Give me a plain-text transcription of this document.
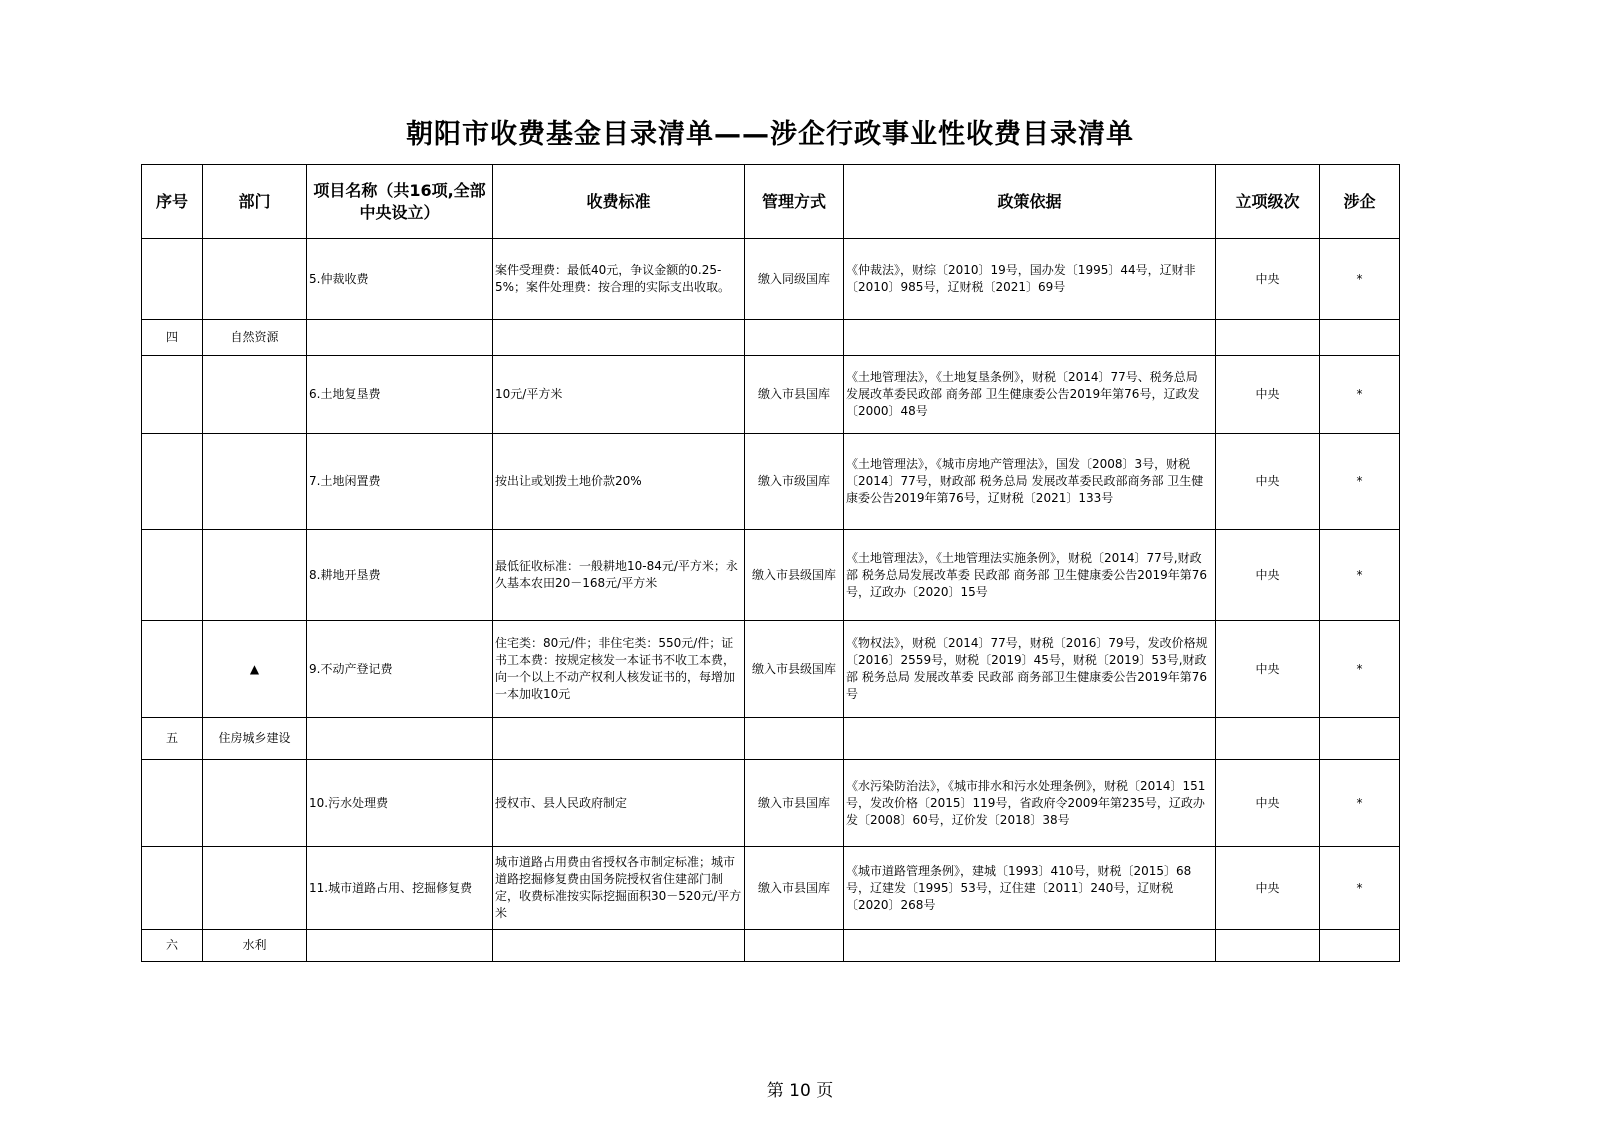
朝阳市收费基金目录清单——涉企行政事业性收费目录清单
序号	部门	项目名称（共16项,全部中央设立）	收费标准	管理方式	政策依据	立项级次	涉企
		5.仲裁收费	案件受理费：最低40元，争议金额的0.25-5%；案件处理费：按合理的实际支出收取。	缴入同级国库	《仲裁法》，财综〔2010〕19号，国办发〔1995〕44号，辽财非〔2010〕985号，辽财税〔2021〕69号	中央	*
四	自然资源						
		6.土地复垦费	10元/平方米	缴入市县国库	《土地管理法》，《土地复垦条例》，财税〔2014〕77号、税务总局 发展改革委民政部 商务部 卫生健康委公告2019年第76号，辽政发〔2000〕48号	中央	*
		7.土地闲置费	按出让或划拨土地价款20%	缴入市级国库	《土地管理法》，《城市房地产管理法》，国发〔2008〕3号，财税〔2014〕77号，财政部 税务总局 发展改革委民政部商务部 卫生健康委公告2019年第76号，辽财税〔2021〕133号	中央	*
		8.耕地开垦费	最低征收标准：一般耕地10-84元/平方米；永久基本农田20－168元/平方米	缴入市县级国库	《土地管理法》，《土地管理法实施条例》，财税〔2014〕77号,财政部 税务总局发展改革委 民政部 商务部 卫生健康委公告2019年第76号，辽政办〔2020〕15号	中央	*
	▲	9.不动产登记费	住宅类：80元/件；非住宅类：550元/件；证书工本费：按规定核发一本证书不收工本费，向一个以上不动产权利人核发证书的，每增加一本加收10元	缴入市县级国库	《物权法》，财税〔2014〕77号，财税〔2016〕79号，发改价格规〔2016〕2559号，财税〔2019〕45号，财税〔2019〕53号,财政部 税务总局 发展改革委 民政部 商务部卫生健康委公告2019年第76号	中央	*
五	住房城乡建设						
		10.污水处理费	授权市、县人民政府制定	缴入市县国库	《水污染防治法》，《城市排水和污水处理条例》，财税〔2014〕151号，发改价格〔2015〕119号，省政府令2009年第235号，辽政办发〔2008〕60号，辽价发〔2018〕38号	中央	*
		11.城市道路占用、挖掘修复费	城市道路占用费由省授权各市制定标准；城市道路挖掘修复费由国务院授权省住建部门制定，收费标准按实际挖掘面积30－520元/平方米	缴入市县国库	《城市道路管理条例》，建城〔1993〕410号，财税〔2015〕68号，辽建发〔1995〕53号，辽住建〔2011〕240号，辽财税〔2020〕268号	中央	*
六	水利						
第 10 页
